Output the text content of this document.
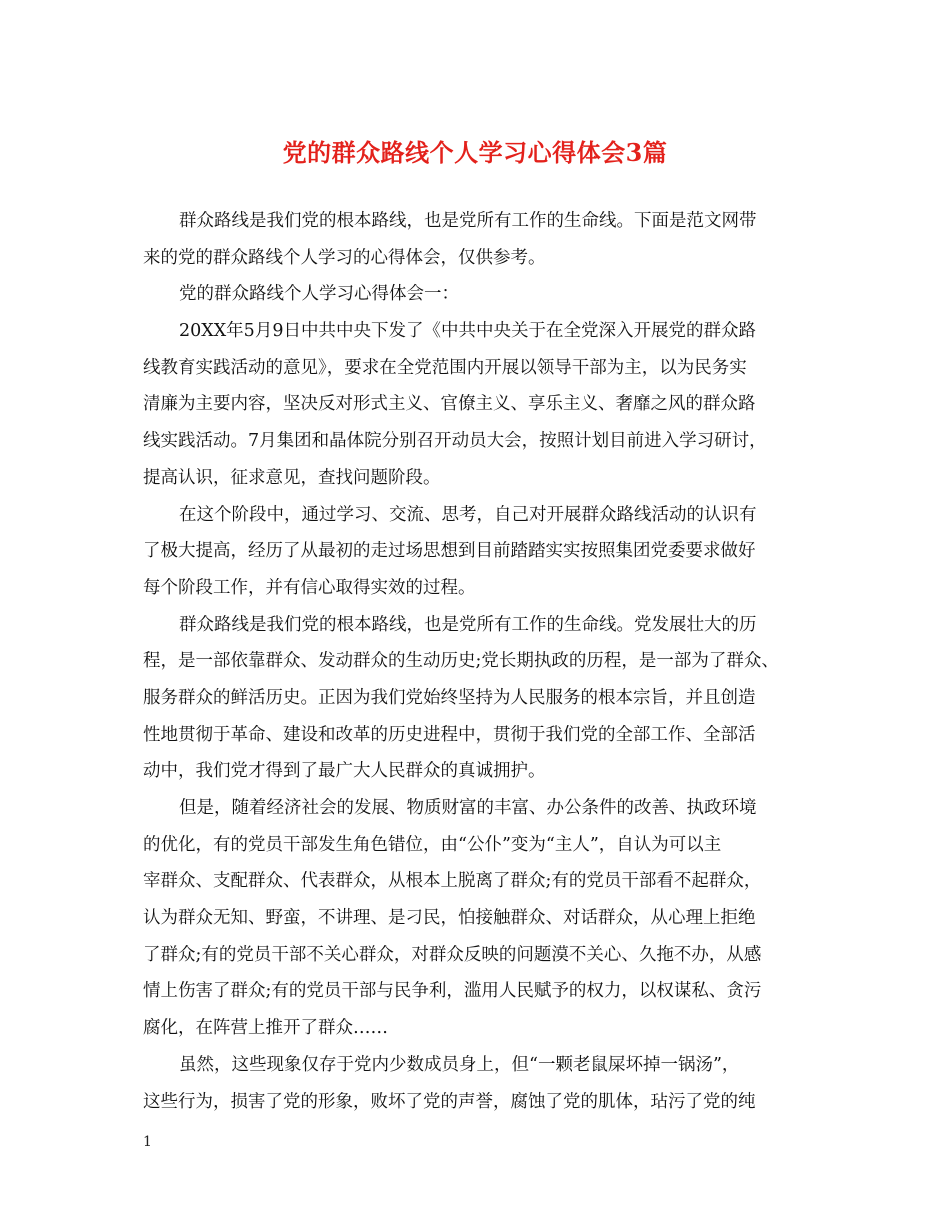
党的群众路线个人学习心得体会3篇
群众路线是我们党的根本路线，也是党所有工作的生命线。下面是范文网带
来的党的群众路线个人学习的心得体会，仅供参考。
党的群众路线个人学习心得体会一：
20XX年5月9日中共中央下发了《中共中央关于在全党深入开展党的群众路
线教育实践活动的意见》，要求在全党范围内开展以领导干部为主，以为民务实
清廉为主要内容，坚决反对形式主义、官僚主义、享乐主义、奢靡之风的群众路
线实践活动。7月集团和晶体院分别召开动员大会，按照计划目前进入学习研讨，
提高认识，征求意见，查找问题阶段。
在这个阶段中，通过学习、交流、思考，自己对开展群众路线活动的认识有
了极大提高，经历了从最初的走过场思想到目前踏踏实实按照集团党委要求做好
每个阶段工作，并有信心取得实效的过程。
群众路线是我们党的根本路线，也是党所有工作的生命线。党发展壮大的历
程，是一部依靠群众、发动群众的生动历史;党长期执政的历程，是一部为了群众、
服务群众的鲜活历史。正因为我们党始终坚持为人民服务的根本宗旨，并且创造
性地贯彻于革命、建设和改革的历史进程中，贯彻于我们党的全部工作、全部活
动中，我们党才得到了最广大人民群众的真诚拥护。
但是，随着经济社会的发展、物质财富的丰富、办公条件的改善、执政环境
的优化，有的党员干部发生角色错位，由“公仆”变为“主人”，自认为可以主
宰群众、支配群众、代表群众，从根本上脱离了群众;有的党员干部看不起群众，
认为群众无知、野蛮，不讲理、是刁民，怕接触群众、对话群众，从心理上拒绝
了群众;有的党员干部不关心群众，对群众反映的问题漠不关心、久拖不办，从感
情上伤害了群众;有的党员干部与民争利，滥用人民赋予的权力，以权谋私、贪污
腐化，在阵营上推开了群众……
虽然，这些现象仅存于党内少数成员身上，但“一颗老鼠屎坏掉一锅汤”，
这些行为，损害了党的形象，败坏了党的声誉，腐蚀了党的肌体，玷污了党的纯
1
